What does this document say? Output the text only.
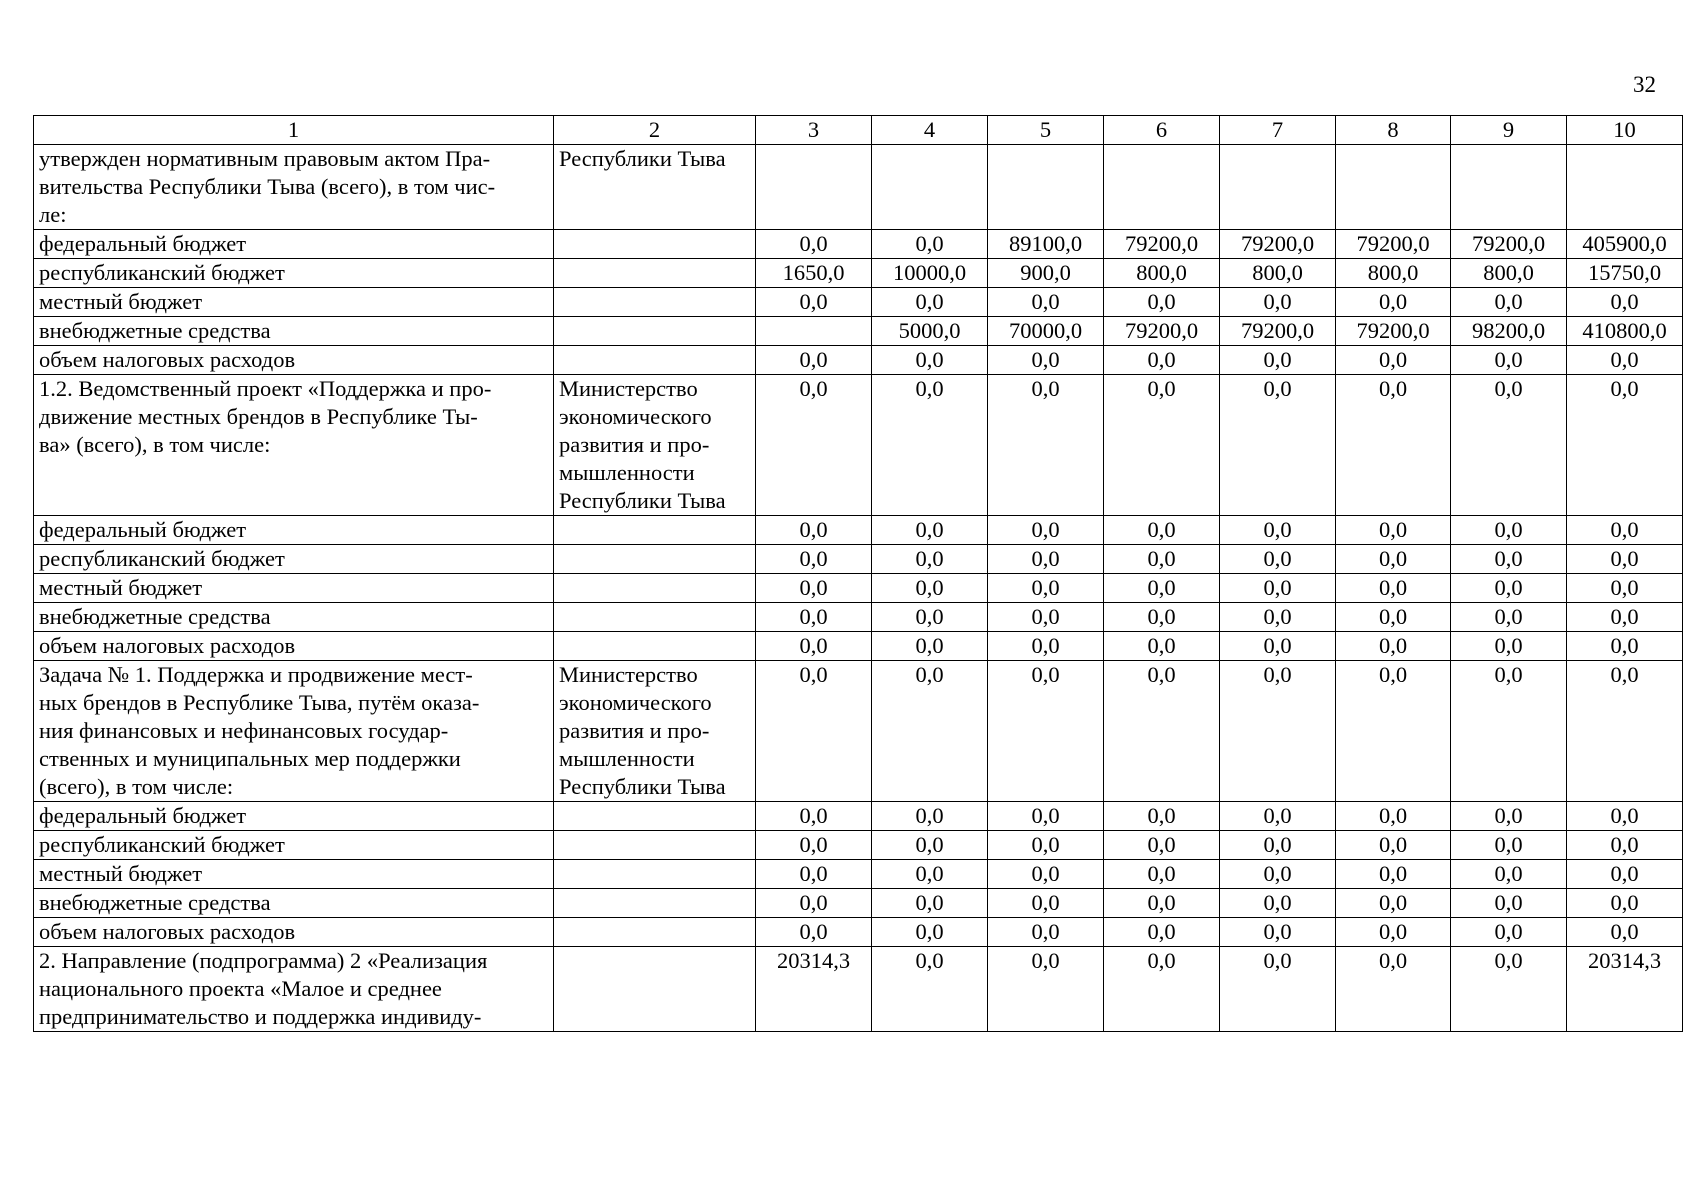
32
1	2	3	4	5	6	7	8	9	10
утвержден нормативным правовым актом Пра-
вительства Республики Тыва (всего), в том чис-
ле:	Республики Тыва								
федеральный бюджет		0,0	0,0	89100,0	79200,0	79200,0	79200,0	79200,0	405900,0
республиканский бюджет		1650,0	10000,0	900,0	800,0	800,0	800,0	800,0	15750,0
местный бюджет		0,0	0,0	0,0	0,0	0,0	0,0	0,0	0,0
внебюджетные средства			5000,0	70000,0	79200,0	79200,0	79200,0	98200,0	410800,0
объем налоговых расходов		0,0	0,0	0,0	0,0	0,0	0,0	0,0	0,0
1.2. Ведомственный проект «Поддержка и про-
движение местных брендов в Республике Ты-
ва» (всего), в том числе:	Министерство
экономического
развития и про-
мышленности
Республики Тыва	0,0	0,0	0,0	0,0	0,0	0,0	0,0	0,0
федеральный бюджет		0,0	0,0	0,0	0,0	0,0	0,0	0,0	0,0
республиканский бюджет		0,0	0,0	0,0	0,0	0,0	0,0	0,0	0,0
местный бюджет		0,0	0,0	0,0	0,0	0,0	0,0	0,0	0,0
внебюджетные средства		0,0	0,0	0,0	0,0	0,0	0,0	0,0	0,0
объем налоговых расходов		0,0	0,0	0,0	0,0	0,0	0,0	0,0	0,0
Задача № 1. Поддержка и продвижение мест-
ных брендов в Республике Тыва, путём оказа-
ния финансовых и нефинансовых государ-
ственных и муниципальных мер поддержки
(всего), в том числе:	Министерство
экономического
развития и про-
мышленности
Республики Тыва	0,0	0,0	0,0	0,0	0,0	0,0	0,0	0,0
федеральный бюджет		0,0	0,0	0,0	0,0	0,0	0,0	0,0	0,0
республиканский бюджет		0,0	0,0	0,0	0,0	0,0	0,0	0,0	0,0
местный бюджет		0,0	0,0	0,0	0,0	0,0	0,0	0,0	0,0
внебюджетные средства		0,0	0,0	0,0	0,0	0,0	0,0	0,0	0,0
объем налоговых расходов		0,0	0,0	0,0	0,0	0,0	0,0	0,0	0,0
2. Направление (подпрограмма) 2 «Реализация
национального проекта «Малое и среднее
предпринимательство и поддержка индивиду-		20314,3	0,0	0,0	0,0	0,0	0,0	0,0	20314,3
